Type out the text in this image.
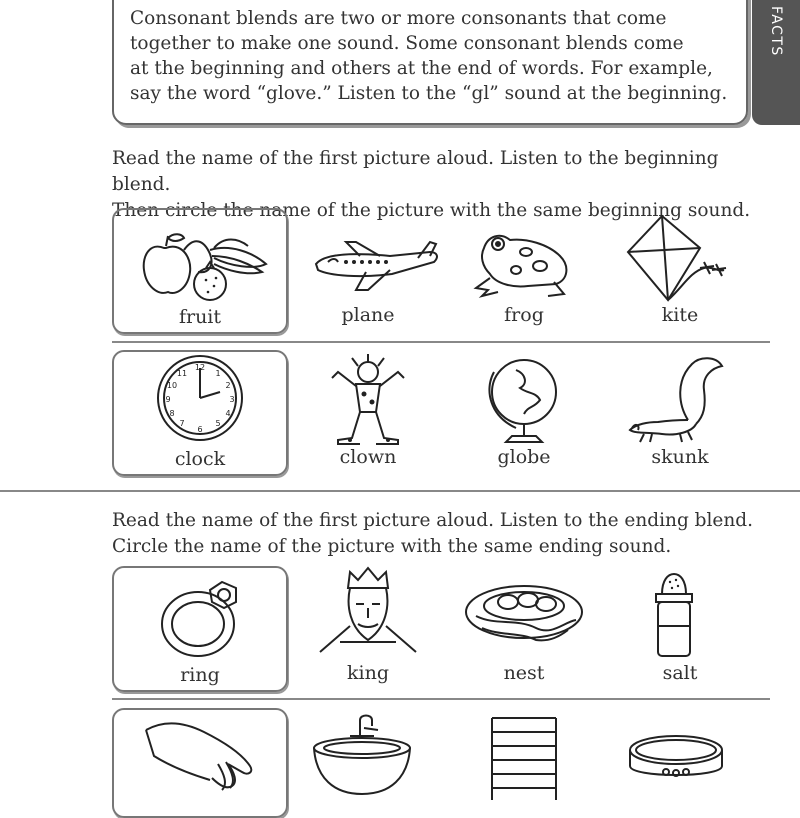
Consonant blends are two or more consonants that come
together to make one sound. Some consonant blends come
at the beginning and others at the end of words. For example,
say the word “glove.” Listen to the “gl” sound at the beginning.
FACTS
Read the name of the first picture aloud. Listen to the beginning blend.
Then circle the name of the picture with the same beginning sound.
fruit	plane	frog	kite
12
1
2
3
4
5
6
7
8
9
10
11
clock	clown	globe	skunk
Read the name of the first picture aloud. Listen to the ending blend.
Circle the name of the picture with the same ending sound.
ring	king	nest	salt
